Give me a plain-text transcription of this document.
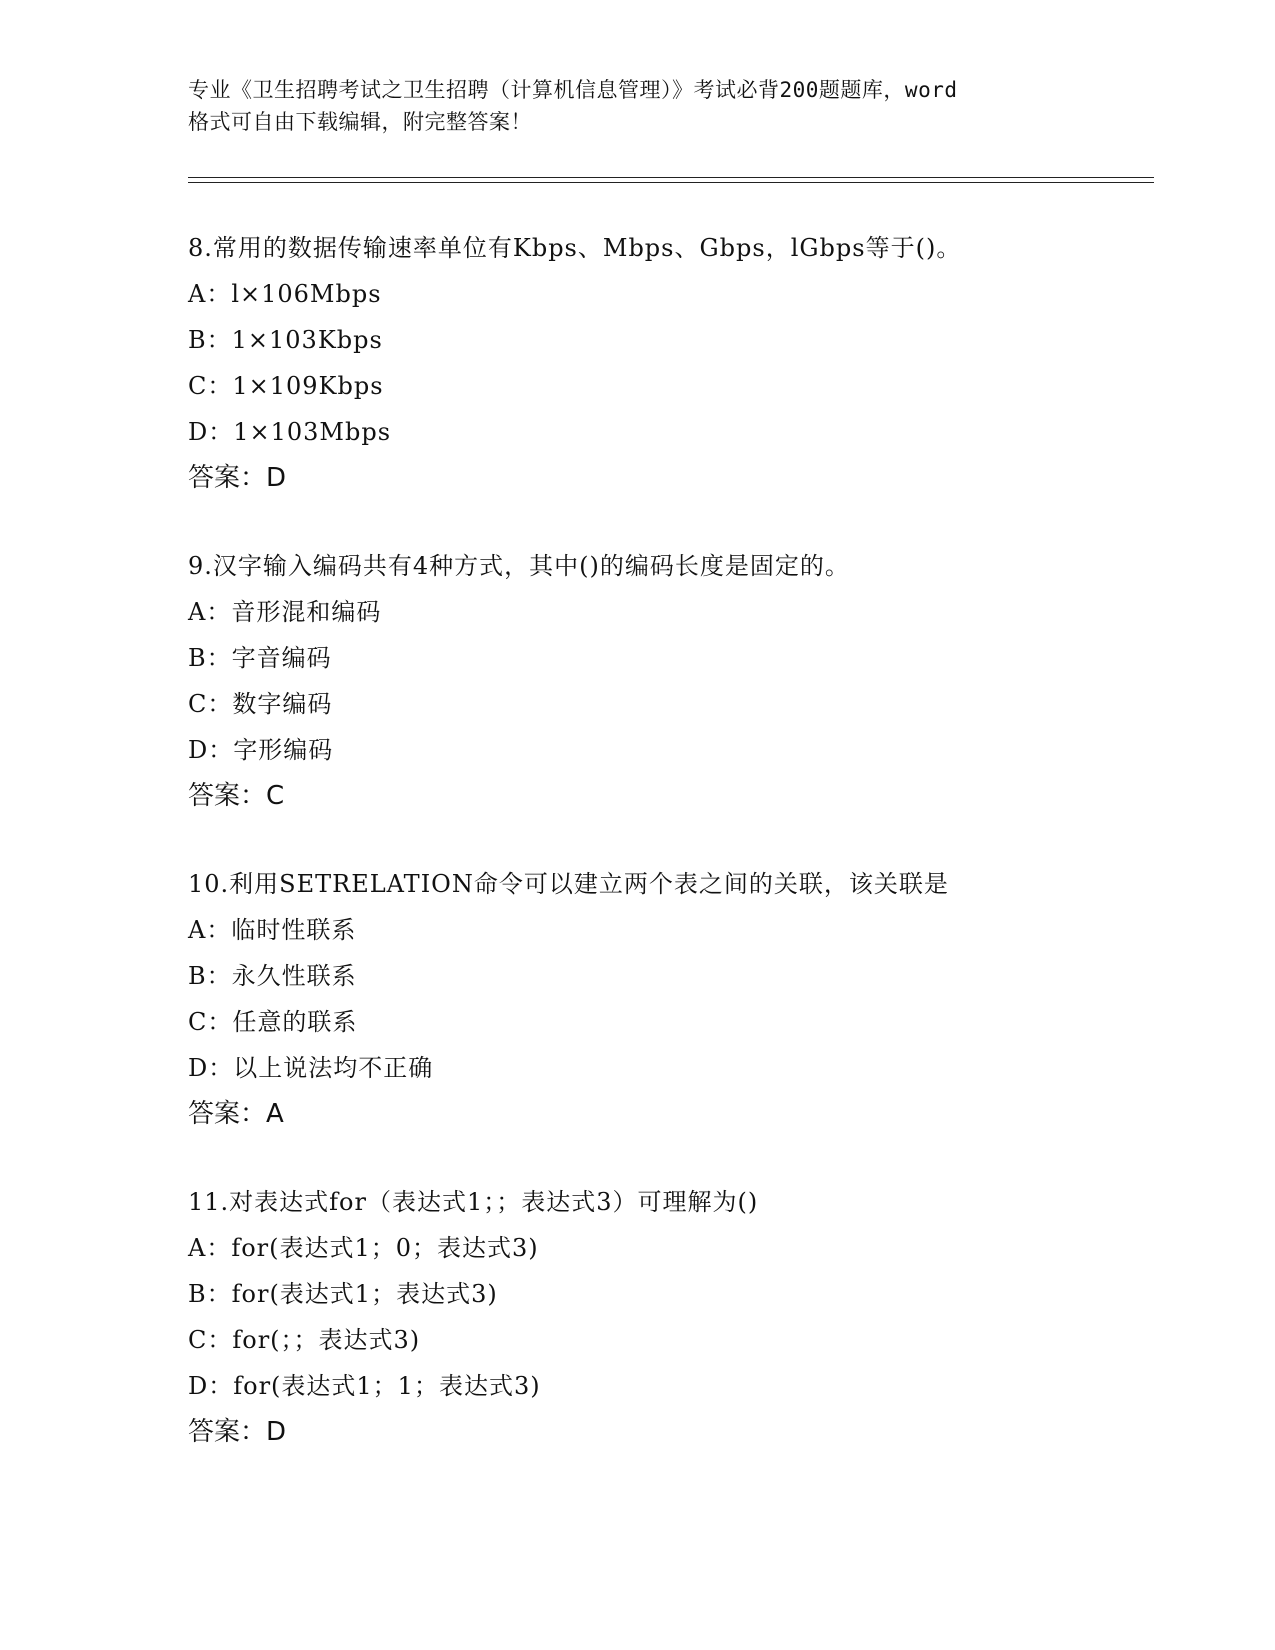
专业《卫生招聘考试之卫生招聘（计算机信息管理）》考试必背200题题库，word
格式可自由下载编辑，附完整答案！
8.常用的数据传输速率单位有Kbps、Mbps、Gbps，lGbps等于()。
A：l×106Mbps
B：1×103Kbps
C：1×109Kbps
D：1×103Mbps
答案：D
9.汉字输入编码共有4种方式，其中()的编码长度是固定的。
A：音形混和编码
B：字音编码
C：数字编码
D：字形编码
答案：C
10.利用SETRELATION命令可以建立两个表之间的关联，该关联是
A：临时性联系
B：永久性联系
C：任意的联系
D：以上说法均不正确
答案：A
11.对表达式for（表达式1；；表达式3）可理解为()
A：for(表达式1；0；表达式3)
B：for(表达式1；表达式3)
C：for(；；表达式3)
D：for(表达式1；1；表达式3)
答案：D
